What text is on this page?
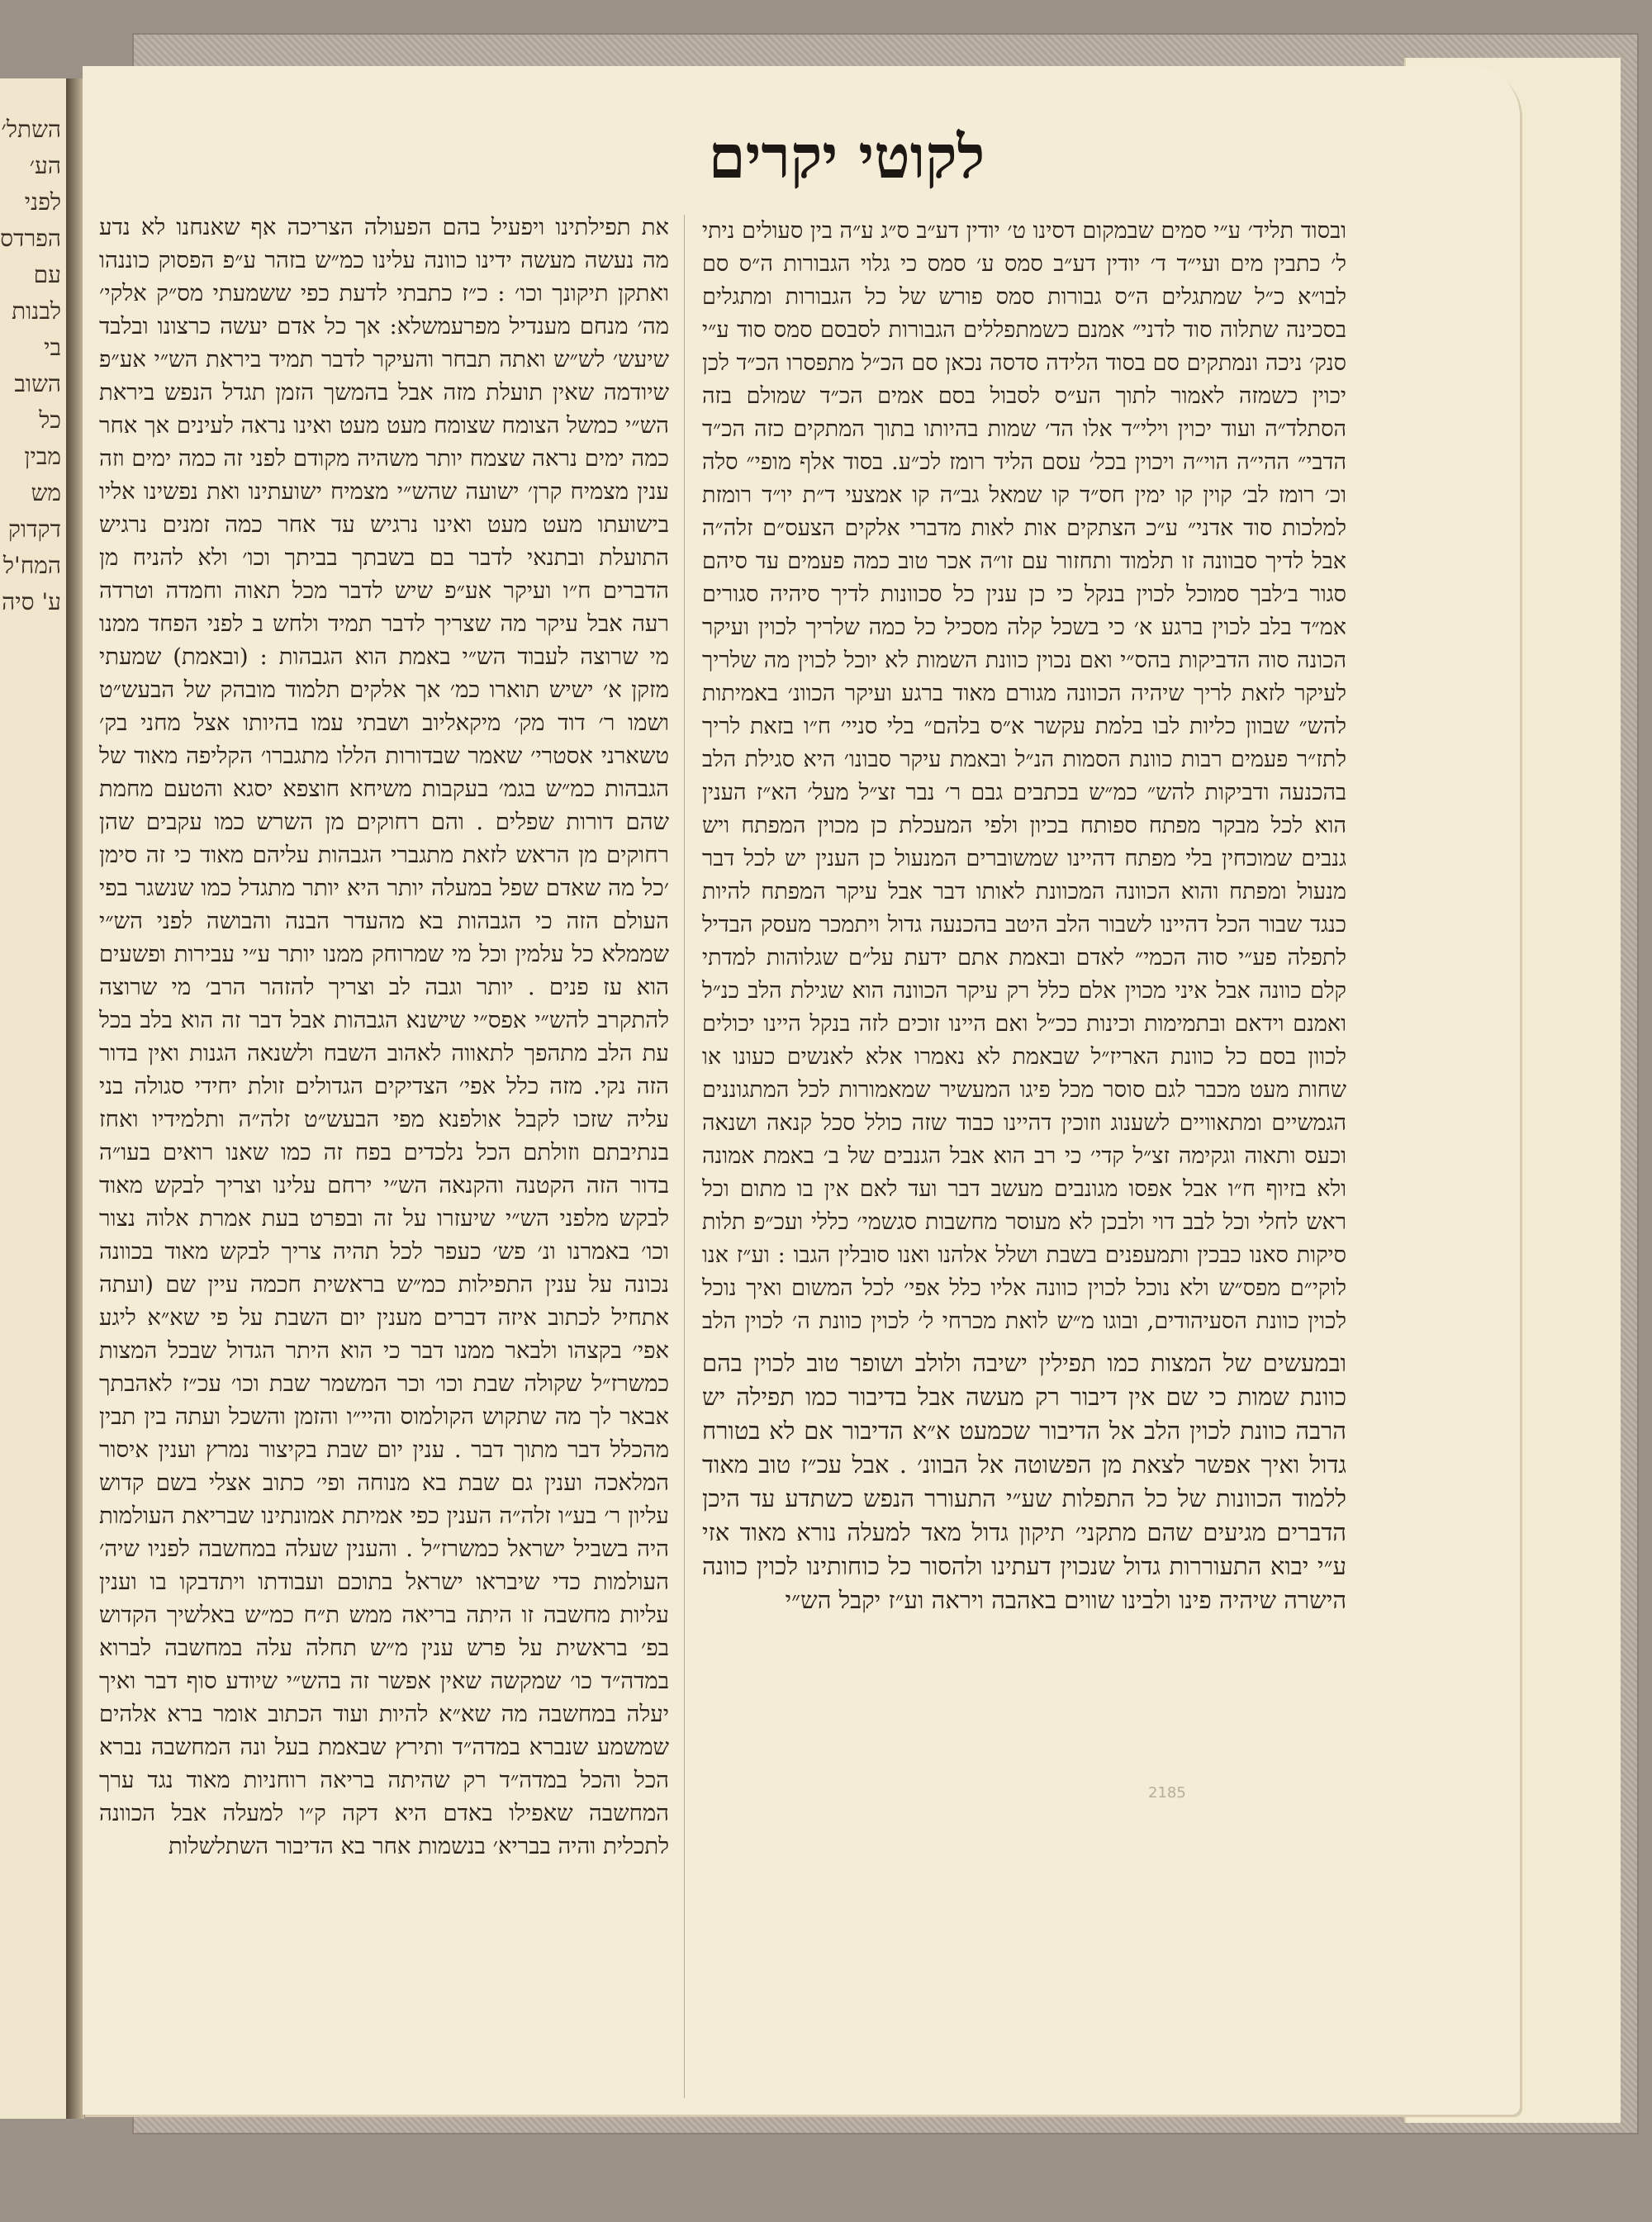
השתל׳ הע׳ לפני
הפרדס עם
לבנות בי
השוב כל
מבין מש
דקדוק
המח'ל
ע' סיה
לקוטי יקרים

ובסוד תליד׳ ע״י סמים שבמקום דסינו ט׳ יודין דע״ב ס״ג ע״ה בין סעולים ניתי ל׳ כתבין מים ועי״ד ד׳ יודין דע״ב סמס ע׳ סמס כי גלוי הגבורות ה״ס סם לבו״א כ״ל שמתגלים ה״ס גבורות סמס פורש של כל הגבורות ומתגלים בסכינה שתלוה סוד לדני״ אמנם כשמתפללים הגבורות לסבסם סמס סוד ע״י סנק׳ ניכה ונמתקים סם בסוד הלידה סדסה נכאן סם הכ״ל מתפסרו הכ״ד לכן יכוין כשמזה לאמור לתוך הע״ס לסבול בסם אמים הכ״ד שמולם בזה הסתלד״ה ועוד יכוין וילי״ד אלו הד׳ שמות בהיותו בתוך המתקים כזה הכ״ד הדבי״ ההי״ה הוי״ה ויכוין בכל׳ עסם הליד רומז לכ״ע. בסוד אלף מופי״ סלה וכ׳ רומז לב׳ קוין קו ימין חס״ד קו שמאל גב״ה קו אמצעי ד״ת יו״ד רומזת למלכות סוד אדני״ ע״כ הצתקים אות לאות מדברי אלקים הצעס״ם זלה״ה אבל לדיך סבוונה זו תלמוד ותחזור עם זו״ה אכר טוב כמה פעמים עד סיהם סגור ב׳לבך סמוכל לכוין בנקל כי כן ענין כל סכוונות לדיך סיהיה סגורים אמ״ד בלב לכוין ברגע א׳ כי בשכל קלה מסכיל כל כמה שלריך לכוין ועיקר הכונה סוה הדביקות בהס״י ואם נכוין כוונת השמות לא יוכל לכוין מה שלריך לעיקר לזאת לריך שיהיה הכוונה מגורם מאוד ברגע ועיקר הכוונ׳ באמיתות להש״ שבוון כליות לבו בלמת עקשר א״ס בלהם״ בלי סניי׳ ח״ו בזאת לריך לתז״ר פעמים רבות כוונת הסמות הנ״ל ובאמת עיקר סבונו׳ היא סגילת הלב בהכנעה ודביקות להש״ כמ״ש בכתבים גבם ר׳ נבר זצ״ל מעל׳ הא״ז הענין הוא לכל מבקר מפתח ספותח בכיון ולפי המעכלת כן מכוין המפתח ויש גנבים שמוכחין בלי מפתח דהיינו שמשוברים המנעול כן הענין יש לכל דבר מנעול ומפתח והוא הכוונה המכוונת לאותו דבר אבל עיקר המפתח להיות כנגד שבור הכל דהיינו לשבור הלב היטב בהכנעה גדול ויתמכר מעסק הבדיל לתפלה פע״י סוה הכמי״ לאדם ובאמת אתם ידעת על״ם שגלוהות למדתי קלם כוונה אבל איני מכוין אלם כלל רק עיקר הכוונה הוא שגילת הלב כנ״ל ואמנם וידאם ובתמימות וכינות ככ״ל ואם היינו זוכים לזה בנקל היינו יכולים לכוון בסם כל כוונת האריז״ל שבאמת לא נאמרו אלא לאנשים כעונו או שחות מעט מכבר לגם סוסר מכל פיגו המעשיר שמאמורות לכל המתגוננים הגמשיים ומתאוויים לשענוג וזוכין דהיינו כבוד שזה כולל סכל קנאה ושנאה וכעס ותאוה וגקימה זצ״ל קדי׳ כי רב הוא אבל הגנבים של ב׳ באמת אמונה ולא בזיוף ח״ו אבל אפסו מגונבים מעשב דבר ועד לאם אין בו מתום וכל ראש לחלי וכל לבב דוי ולבכן לא מעוסר מחשבות סגשמי׳ כללי ועכ״פ תלות סיקות סאנו כבכין ותמעפנים בשבת ושלל אלהנו ואנו סובלין הגבו : וע״ז אנו לוקי״ם מפס״ש ולא נוכל לכוין כוונה אליו כלל אפי׳ לכל המשום ואיך נוכל לכוין כוונת הסעיהודים, ובוגו מ״ש לואת מכרחי ל׳ לכוין כוונת ה׳ לכוין הלב

ובמעשים של המצות כמו תפילין ישיבה ולולב ושופר טוב לכוין בהם כוונת שמות כי שם אין דיבור רק מעשה אבל בדיבור כמו תפילה יש הרבה כוונת לכוין הלב אל הדיבור שכמעט א״א הדיבור אם לא בטורח גדול ואיך אפשר לצאת מן הפשוטה אל הבוונ׳ . אבל עכ״ז טוב מאוד ללמוד הכוונות של כל התפלות שע״י התעורר הנפש כשתדע עד היכן הדברים מגיעים שהם מתקני׳ תיקון גדול מאד למעלה נורא מאוד אזי ע״י יבוא התעוררות גדול שנכוין דעתינו ולהסור כל כוחותינו לכוין כוונה הישרה שיהיה פינו ולבינו שווים באהבה ויראה וע״ז יקבל הש״י

את תפילתינו ויפעיל בהם הפעולה הצריכה אף שאנחנו לא נדע מה נעשה מעשה ידינו כוונה עלינו כמ״ש בזהר ע״פ הפסוק כוננהו ואתקן תיקונך וכו׳ : כ״ז כתבתי לדעת כפי ששמעתי מס״ק אלקי׳ מה׳ מנחם מענדיל מפרעמשלא: אך כל אדם יעשה כרצונו ובלבד שיעש׳ לש״ש ואתה תבחר והעיקר לדבר תמיד ביראת הש״י אע״פ שיודמה שאין תועלת מזה אבל בהמשך הזמן תגדל הנפש ביראת הש״י כמשל הצומח שצומח מעט מעט ואינו נראה לעינים אך אחר כמה ימים נראה שצמח יותר משהיה מקודם לפני זה כמה ימים וזה ענין מצמיח קרן׳ ישועה שהש״י מצמיח ישועתינו ואת נפשינו אליו בישועתו מעט מעט ואינו נרגיש עד אחר כמה זמנים נרגיש התועלת ובתנאי לדבר בם בשבתך בביתך וכו׳ ולא להניח מן הדברים ח״ו ועיקר אע״פ שיש לדבר מכל תאוה וחמדה וטרדה רעה אבל עיקר מה שצריך לדבר תמיד ולחש ב לפני הפחד ממנו מי שרוצה לעבוד הש״י באמת הוא הגבהות : (ובאמת) שמעתי מזקן א׳ ישיש תוארו כמ׳ אך אלקים תלמוד מובהק של הבעש״ט ושמו ר׳ דוד מק׳ מיקאליוב ושבתי עמו בהיותו אצל מחני בק׳ טשארני אסטרי׳ שאמר שבדורות הללו מתגברו׳ הקליפה מאוד של הגבהות כמ״ש בגמ׳ בעקבות משיחא חוצפא יסגא והטעם מחמת שהם דורות שפלים . והם רחוקים מן השרש כמו עקבים שהן רחוקים מן הראש לזאת מתגברי הגבהות עליהם מאוד כי זה סימן ׳כל מה שאדם שפל במעלה יותר היא יותר מתגדל כמו שנשגר בפי העולם הזה כי הגבהות בא מהעדר הבנה והבושה לפני הש״י שממלא כל עלמין וכל מי שמרוחק ממנו יותר ע״י עבירות ופשעים הוא עז פנים . יותר וגבה לב וצריך להזהר הרב׳ מי שרוצה להתקרב להש״י אפס״י שישנא הגבהות אבל דבר זה הוא בלב בכל עת הלב מתהפך לתאווה לאהוב השבח ולשנאה הגנות ואין בדור הזה נקי. מזה כלל אפי׳ הצדיקים הגדולים זולת יחידי סגולה בני עליה שזכו לקבל אולפנא מפי הבעש״ט זלה״ה ותלמידיו ואחז בנתיבתם וזולתם הכל נלכדים בפח זה כמו שאנו רואים בעו״ה בדור הזה הקטנה והקנאה הש״י ירחם עלינו וצריך לבקש מאוד לבקש מלפני הש״י שיעזרו על זה ובפרט בעת אמרת אלוה נצור וכו׳ באמרנו ונ׳ פש׳ כעפר לכל תהיה צריך לבקש מאוד בכוונה נכונה על ענין התפילות כמ״ש בראשית חכמה עיין שם (ועתה אתחיל לכתוב איזה דברים מענין יום השבת על פי שא״א ליגע אפי׳ בקצהו ולבאר ממנו דבר כי הוא היתר הגדול שבכל המצות כמשרז״ל שקולה שבת וכו׳ וכר המשמר שבת וכו׳ עכ״ז לאהבתך אבאר לך מה שתקוש הקולמוס והיי״ו והזמן והשכל ועתה בין תבין מהכלל דבר מתוך דבר . ענין יום שבת בקיצור נמרץ וענין איסור המלאכה וענין גם שבת בא מנוחה ופי׳ כתוב אצלי בשם קדוש עליון ר׳ בע״ו זלה״ה הענין כפי אמיתת אמונתינו שבריאת העולמות היה בשביל ישראל כמשרז״ל . והענין שעלה במחשבה לפניו שיה׳ העולמות כדי שיבראו ישראל בתוכם ועבודתו ויתדבקו בו וענין עליות מחשבה זו היתה בריאה ממש ת״ח כמ״ש באלשיך הקדוש בפ׳ בראשית על פרש ענין מ״ש תחלה עלה במחשבה לברוא במדה״ד כו׳ שמקשה שאין אפשר זה בהש״י שיודע סוף דבר ואיך יעלה במחשבה מה שא״א להיות ועוד הכתוב אומר ברא אלהים שמשמע שנברא במדה״ד ותירץ שבאמת בעל ונה המחשבה נברא הכל והכל במדה״ד רק שהיתה בריאה רוחניות מאוד נגד ערך המחשבה שאפילו באדם היא דקה ק״ו למעלה אבל הכוונה לתכלית והיה בבריא׳ בנשמות אחר בא הדיבור השתלשלות

2185
